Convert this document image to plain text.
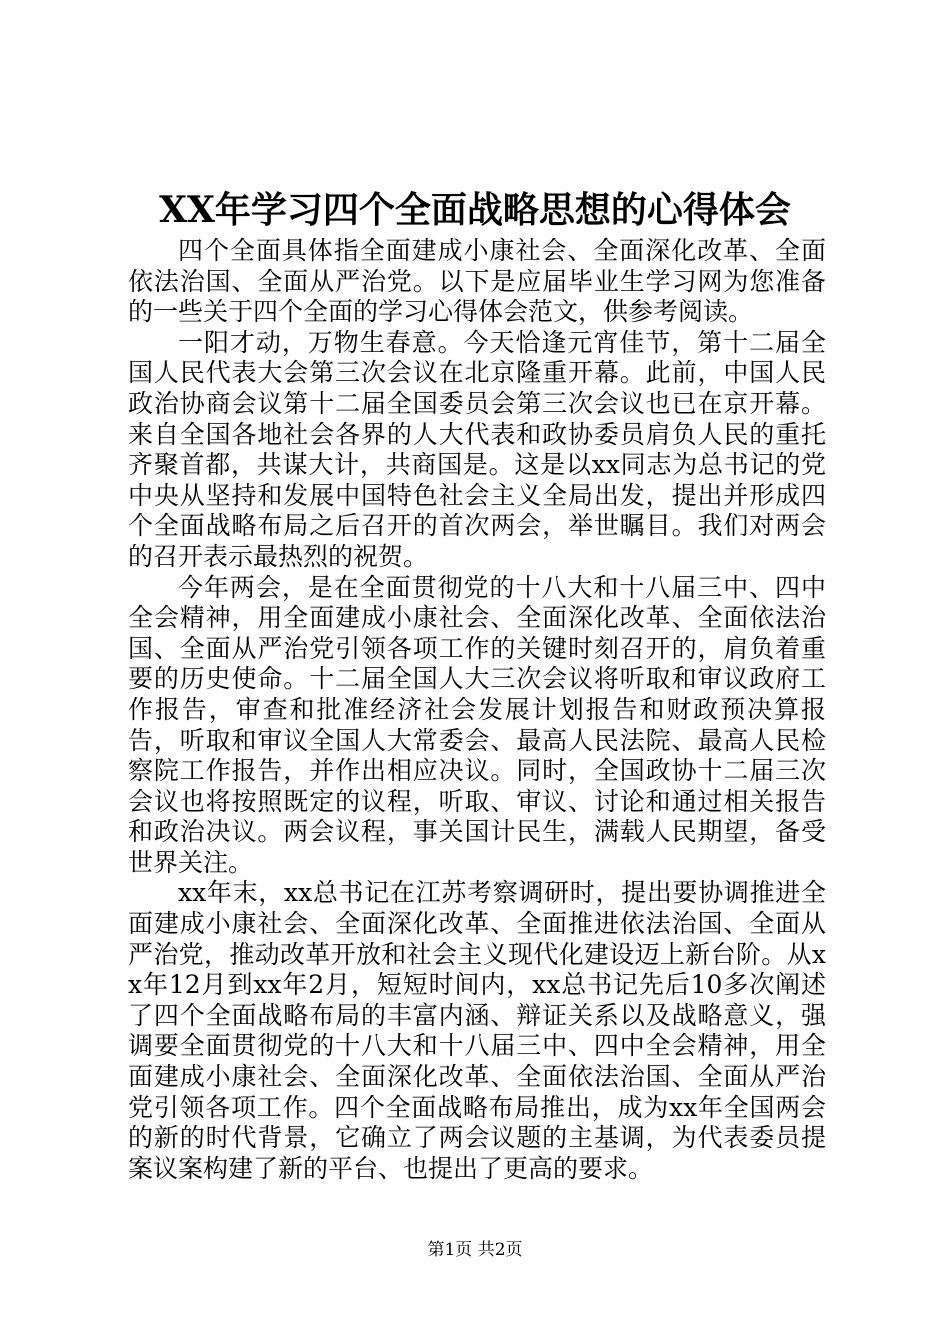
XX年学习四个全面战略思想的心得体会

四个全面具体指全面建成小康社会、全面深化改革、全面依法治国、全面从严治党。以下是应届毕业生学习网为您准备的一些关于四个全面的学习心得体会范文，供参考阅读。

一阳才动，万物生春意。今天恰逢元宵佳节，第十二届全国人民代表大会第三次会议在北京隆重开幕。此前，中国人民政治协商会议第十二届全国委员会第三次会议也已在京开幕。来自全国各地社会各界的人大代表和政协委员肩负人民的重托齐聚首都，共谋大计，共商国是。这是以xx同志为总书记的党中央从坚持和发展中国特色社会主义全局出发，提出并形成四个全面战略布局之后召开的首次两会，举世瞩目。我们对两会的召开表示最热烈的祝贺。

今年两会，是在全面贯彻党的十八大和十八届三中、四中全会精神，用全面建成小康社会、全面深化改革、全面依法治国、全面从严治党引领各项工作的关键时刻召开的，肩负着重要的历史使命。十二届全国人大三次会议将听取和审议政府工作报告，审查和批准经济社会发展计划报告和财政预决算报告，听取和审议全国人大常委会、最高人民法院、最高人民检察院工作报告，并作出相应决议。同时，全国政协十二届三次会议也将按照既定的议程，听取、审议、讨论和通过相关报告和政治决议。两会议程，事关国计民生，满载人民期望，备受世界关注。

xx年末，xx总书记在江苏考察调研时，提出要协调推进全面建成小康社会、全面深化改革、全面推进依法治国、全面从严治党，推动改革开放和社会主义现代化建设迈上新台阶。从xx年12月到xx年2月，短短时间内，xx总书记先后10多次阐述了四个全面战略布局的丰富内涵、辩证关系以及战略意义，强调要全面贯彻党的十八大和十八届三中、四中全会精神，用全面建成小康社会、全面深化改革、全面依法治国、全面从严治党引领各项工作。四个全面战略布局推出，成为xx年全国两会的新的时代背景，它确立了两会议题的主基调，为代表委员提案议案构建了新的平台、也提出了更高的要求。

第1页 共2页
